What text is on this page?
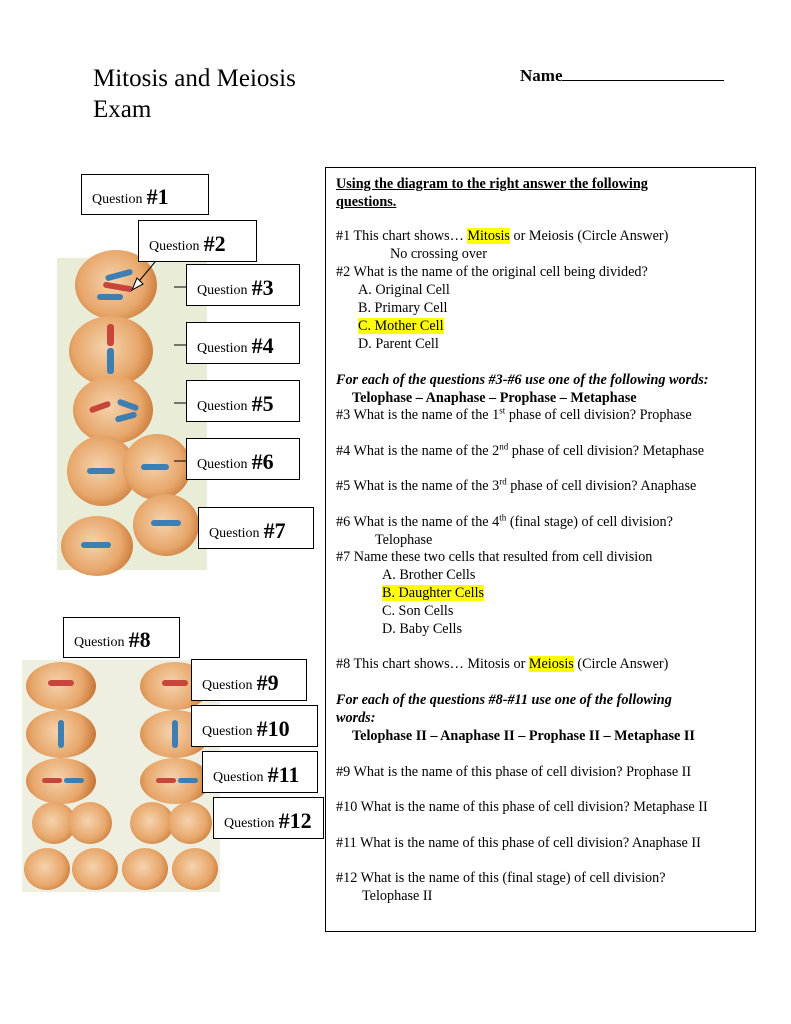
Mitosis and Meiosis
Exam
Name
Question #1
Question #2
Question #3
Question #4
Question #5
Question #6
Question #7
Question #8
Question #9
Question #10
Question #11
Question #12
Using the diagram to the right answer the following
questions.
#1 This chart shows… Mitosis or Meiosis (Circle Answer)
No crossing over
#2 What is the name of the original cell being divided?
A. Original Cell
B. Primary Cell
C. Mother Cell
D. Parent Cell
For each of the questions #3-#6 use one of the following words:
Telophase – Anaphase – Prophase – Metaphase
#3 What is the name of the 1st phase of cell division? Prophase
#4 What is the name of the 2nd phase of cell division? Metaphase
#5 What is the name of the 3rd phase of cell division? Anaphase
#6 What is the name of the 4th (final stage) of cell division?
Telophase
#7 Name these two cells that resulted from cell division
A. Brother Cells
B. Daughter Cells
C. Son Cells
D. Baby Cells
#8 This chart shows… Mitosis or Meiosis (Circle Answer)
For each of the questions #8-#11 use one of the following
words:
Telophase II – Anaphase II – Prophase II – Metaphase II
#9 What is the name of this phase of cell division? Prophase II
#10 What is the name of this phase of cell division? Metaphase II
#11 What is the name of this phase of cell division? Anaphase II
#12 What is the name of this (final stage) of cell division?
Telophase II
